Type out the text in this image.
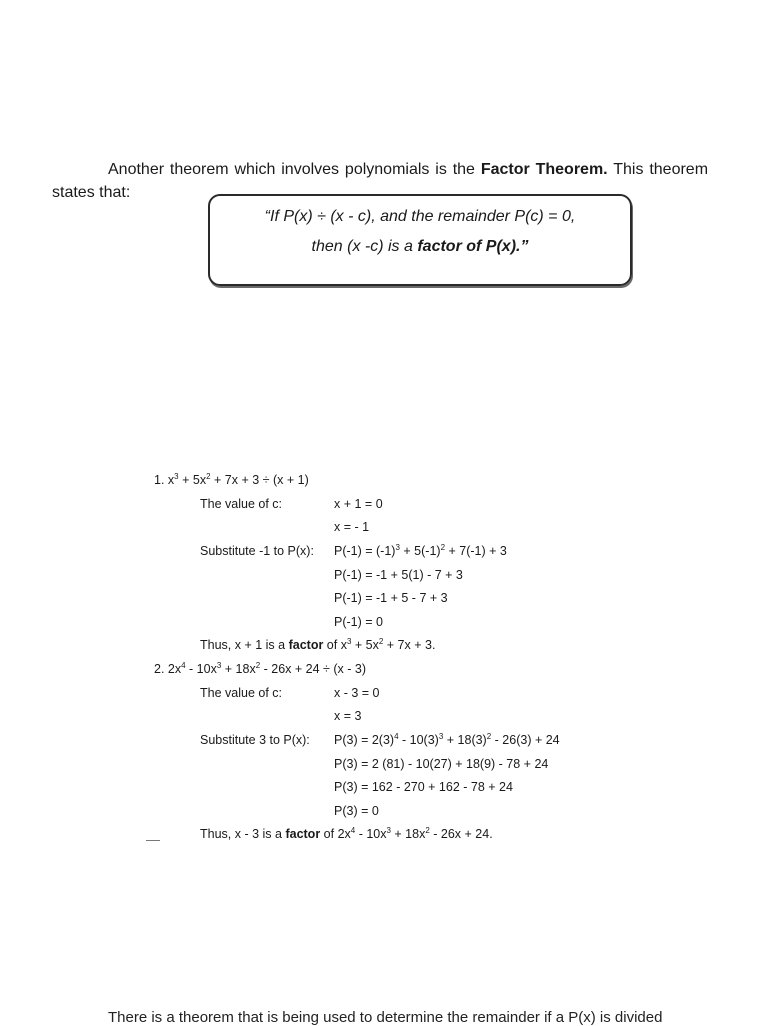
Another theorem which involves polynomials is the Factor Theorem. This theorem states that:
“If P(x) ÷ (x - c), and the remainder P(c) = 0,
then (x -c) is a factor of P(x).”
1. $x^3 + 5x^2 + 7x + 3 \div (x + 1)$
The value of c:	x + 1 = 0
x = - 1
Substitute -1 to P(x): $P(-1) = (-1)^3 + 5(-1)^2 + 7(-1) + 3$
P(-1) = -1 + 5(1) - 7 + 3
P(-1) = -1 + 5 - 7 + 3
P(-1) = 0
Thus, x + 1 is a factor of $x^3 + 5x^2 + 7x + 3$.
2. $2x^4 - 10x^3 + 18x^2 - 26x + 24 \div (x - 3)$
The value of c:	x - 3 = 0
x = 3
Substitute 3 to P(x): $P(3) = 2(3)^4 - 10(3)^3 + 18(3)^2 - 26(3) + 24$
P(3) = 2 (81) - 10(27) + 18(9) - 78 + 24
P(3) = 162 - 270 + 162 - 78 + 24
P(3) = 0
Thus, x - 3 is a factor of $2x^4 - 10x^3 + 18x^2 - 26x + 24$.
There is a theorem that is being used to determine the remainder if a P(x) is divided
